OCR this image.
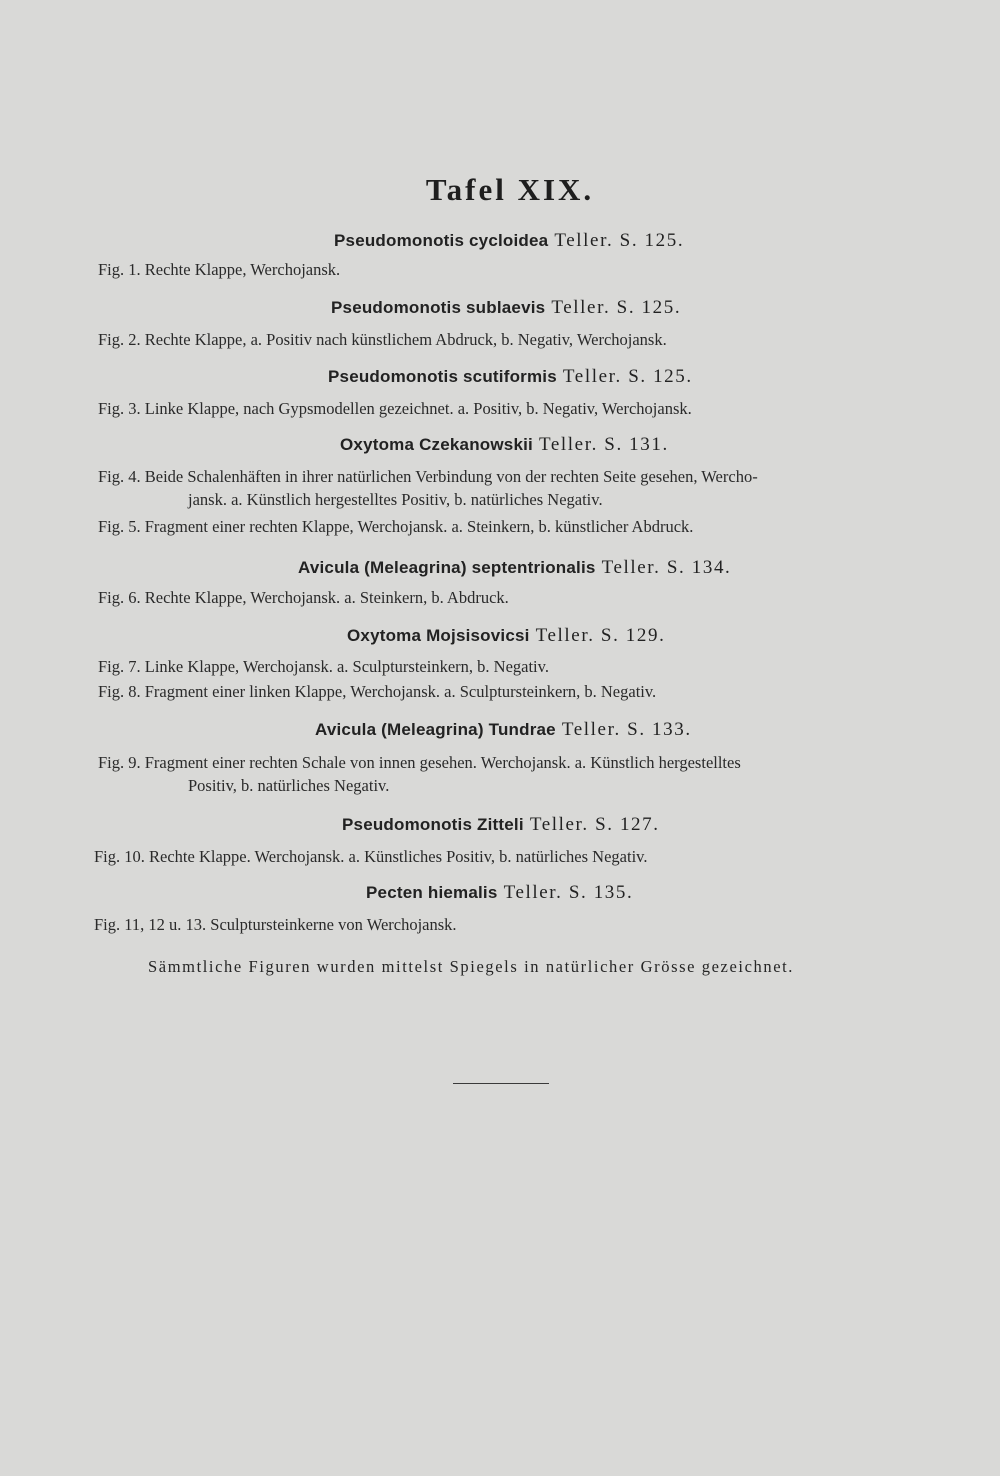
Tafel XIX.
Pseudomonotis cycloidea Teller. S. 125.
Fig. 1. Rechte Klappe, Werchojansk.
Pseudomonotis sublaevis Teller. S. 125.
Fig. 2. Rechte Klappe, a. Positiv nach künstlichem Abdruck, b. Negativ, Werchojansk.
Pseudomonotis scutiformis Teller. S. 125.
Fig. 3. Linke Klappe, nach Gypsmodellen gezeichnet. a. Positiv, b. Negativ, Werchojansk.
Oxytoma Czekanowskii Teller. S. 131.
Fig. 4. Beide Schalenhäften in ihrer natürlichen Verbindung von der rechten Seite gesehen, Wercho-
jansk. a. Künstlich hergestelltes Positiv, b. natürliches Negativ.
Fig. 5. Fragment einer rechten Klappe, Werchojansk. a. Steinkern, b. künstlicher Abdruck.
Avicula (Meleagrina) septentrionalis Teller. S. 134.
Fig. 6. Rechte Klappe, Werchojansk. a. Steinkern, b. Abdruck.
Oxytoma Mojsisovicsi Teller. S. 129.
Fig. 7. Linke Klappe, Werchojansk. a. Sculptursteinkern, b. Negativ.
Fig. 8. Fragment einer linken Klappe, Werchojansk. a. Sculptursteinkern, b. Negativ.
Avicula (Meleagrina) Tundrae Teller. S. 133.
Fig. 9. Fragment einer rechten Schale von innen gesehen. Werchojansk. a. Künstlich hergestelltes
Positiv, b. natürliches Negativ.
Pseudomonotis Zitteli Teller. S. 127.
Fig. 10. Rechte Klappe. Werchojansk. a. Künstliches Positiv, b. natürliches Negativ.
Pecten hiemalis Teller. S. 135.
Fig. 11, 12 u. 13. Sculptursteinkerne von Werchojansk.
Sämmtliche Figuren wurden mittelst Spiegels in natürlicher Grösse gezeichnet.
